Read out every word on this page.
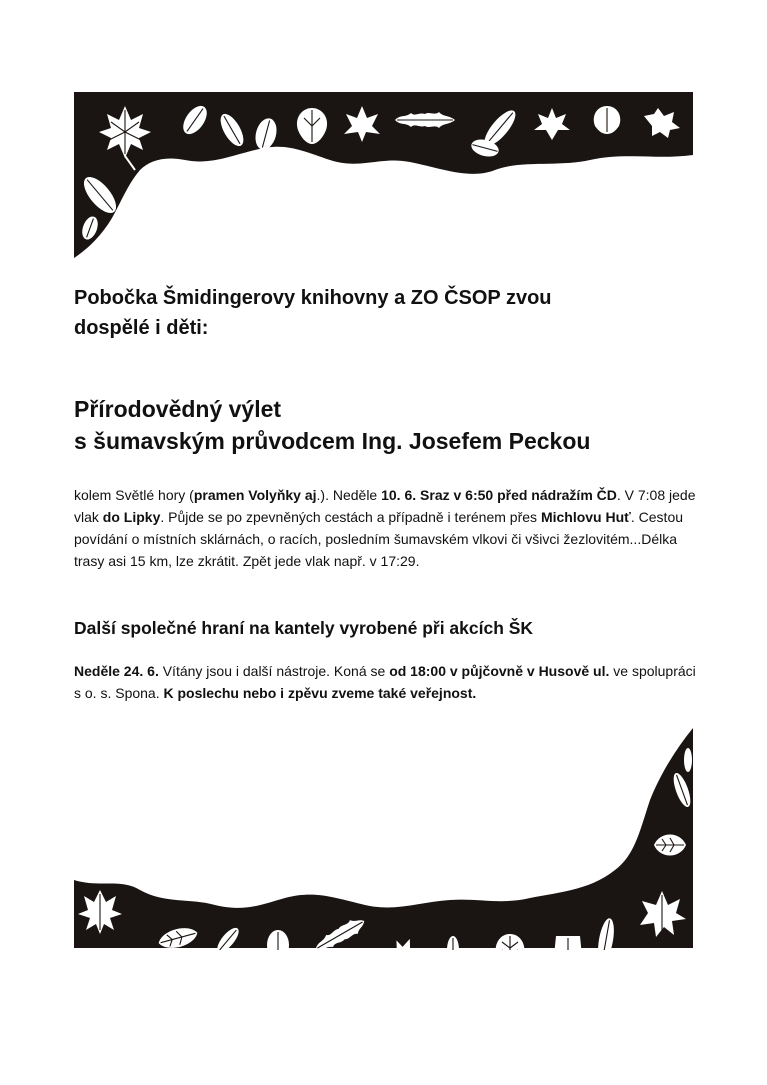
Pobočka Šmidingerovy knihovny a ZO ČSOP zvou
dospělé i děti:

Přírodovědný výlet
s šumavským průvodcem Ing. Josefem Peckou

kolem Světlé hory (pramen Volyňky aj.). Neděle 10. 6. Sraz v 6:50 před nádražím ČD. V 7:08 jede vlak do Lipky. Půjde se po zpevněných cestách a případně i terénem přes Michlovu Huť. Cestou povídání o místních sklárnách, o racích, posledním šumavském vlkovi či všivci žezlovitém...Délka trasy asi 15 km, lze zkrátit. Zpět jede vlak např. v 17:29.

Další společné hraní na kantely vyrobené při akcích ŠK

Neděle 24. 6. Vítány jsou i další nástroje. Koná se od 18:00 v půjčovně v Husově ul. ve spolupráci s o. s. Spona. K poslechu nebo i zpěvu zveme také veřejnost.
